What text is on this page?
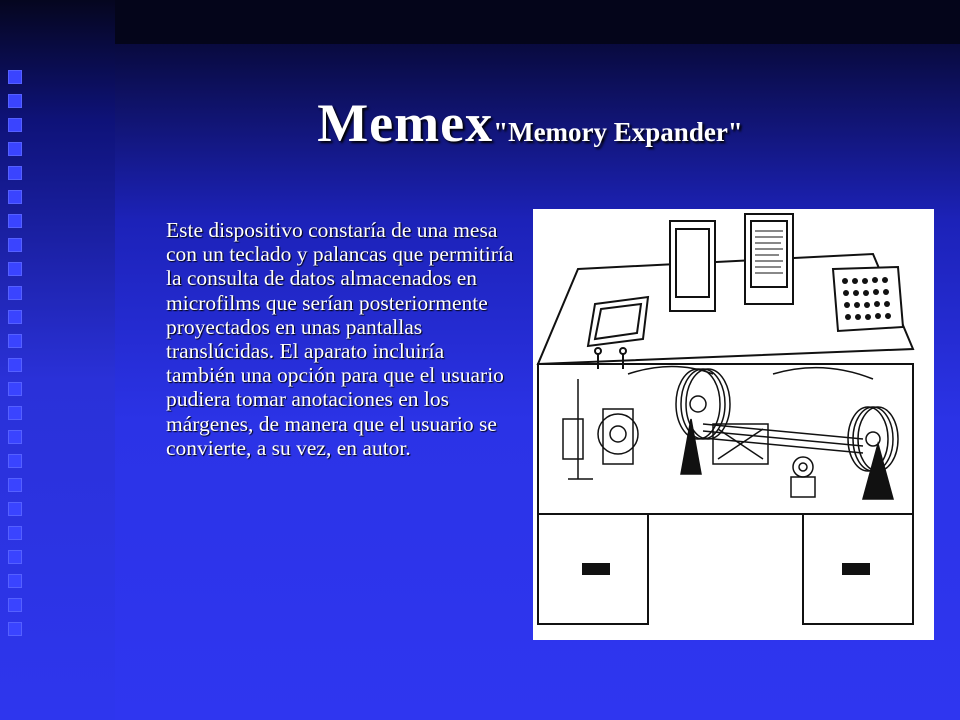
Memex"Memory Expander"
Este dispositivo constaría de una mesa con un teclado y palancas que permitiría la consulta de datos almacenados en microfilms que serían posteriormente proyectados en unas pantallas translúcidas. El aparato incluiría también una opción para que el usuario pudiera tomar anotaciones en los márgenes, de manera que el usuario se convierte, a su vez, en autor.
